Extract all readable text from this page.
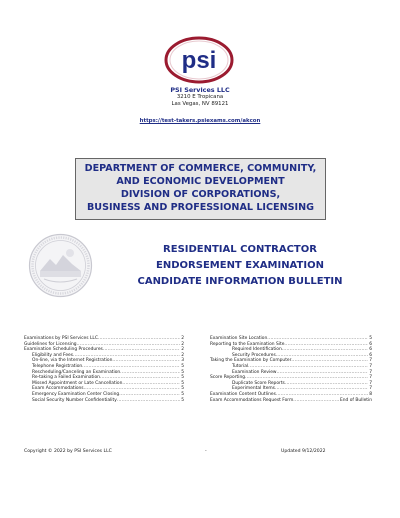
psi
PSI Services LLC
3210 E Tropicana
Las Vegas, NV 89121
https://test-takers.psiexams.com/akcon
DEPARTMENT OF COMMERCE, COMMUNITY,
AND ECONOMIC DEVELOPMENT
DIVISION OF CORPORATIONS,
BUSINESS AND PROFESSIONAL LICENSING
RESIDENTIAL CONTRACTOR
ENDORSEMENT EXAMINATION
CANDIDATE INFORMATION BULLETIN
Examinations by PSI Services LLC .....	2
Guidelines for Licensing .....	2
Examination Scheduling Procedures .....	2
Eligibility and Fees .....	2
On-line, via the Internet Registration .....	3
Telephone Registration .....	5
Rescheduling/Canceling an Examination .....	5
Re-taking a Failed Examination .....	5
Missed Appointment or Late Cancellation .....	5
Exam Accommodations .....	5
Emergency Examination Center Closing .....	5
Social Security Number Confidentiality .....	5
Examination Site Location .....	5
Reporting to the Examination Site .....	6
Required Identification .....	6
Security Procedures .....	6
Taking the Examination by Computer .....	7
Tutorial .....	7
Examination Review .....	7
Score Reporting .....	7
Duplicate Score Reports .....	7
Experimental Items .....	7
Examination Content Outlines .....	8
Exam Accommodations Request Form .....	End of Bulletin
Copyright © 2022 by PSI Services LLC	-	Updated 9/12/2022
